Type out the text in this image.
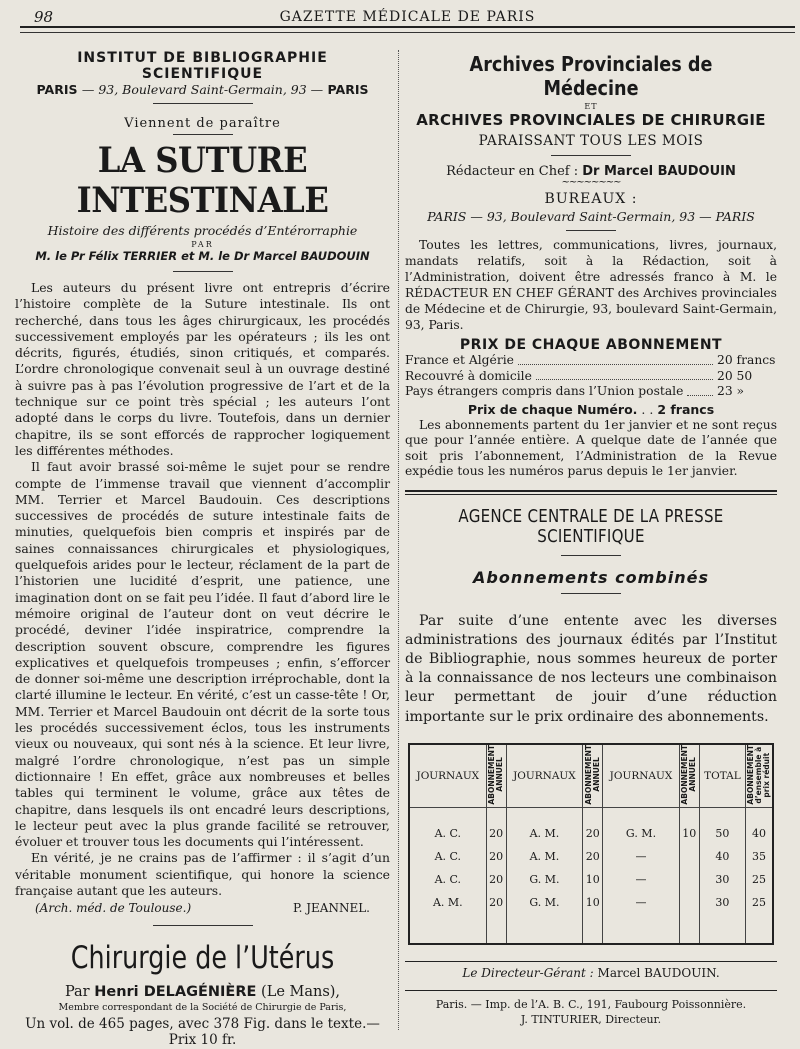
98	GAZETTE MÉDICALE DE PARIS
INSTITUT DE BIBLIOGRAPHIE SCIENTIFIQUE
PARIS — 93, Boulevard Saint-Germain, 93 — PARIS
Viennent de paraître
LA SUTURE INTESTINALE
Histoire des différents procédés d’Entérorraphie
PAR
M. le Pr Félix TERRIER et M. le Dr Marcel BAUDOUIN

Les auteurs du présent livre ont entrepris d’écrire l’histoire complète de la Suture intestinale. Ils ont recherché, dans tous les âges chirurgicaux, les procédés successivement employés par les opérateurs ; ils les ont décrits, figurés, étudiés, sinon critiqués, et comparés. L’ordre chronologique convenait seul à un ouvrage destiné à suivre pas à pas l’évolution progressive de l’art et de la technique sur ce point très spécial ; les auteurs l’ont adopté dans le corps du livre. Toutefois, dans un dernier chapitre, ils se sont efforcés de rapprocher logiquement les différentes méthodes.

Il faut avoir brassé soi-même le sujet pour se rendre compte de l’immense travail que viennent d’accomplir MM. Terrier et Marcel Baudouin. Ces descriptions successives de procédés de suture intestinale faits de minuties, quelquefois bien compris et inspirés par de saines connaissances chirurgicales et physiologiques, quelquefois arides pour le lecteur, réclament de la part de l’historien une lucidité d’esprit, une patience, une imagination dont on se fait peu l’idée. Il faut d’abord lire le mémoire original de l’auteur dont on veut décrire le procédé, deviner l’idée inspiratrice, comprendre la description souvent obscure, comprendre les figures explicatives et quelquefois trompeuses ; enfin, s’efforcer de donner soi-même une description irréprochable, dont la clarté illumine le lecteur. En vérité, c’est un casse-tête ! Or, MM. Terrier et Marcel Baudouin ont décrit de la sorte tous les procédés successivement éclos, tous les instruments vieux ou nouveaux, qui sont nés à la science. Et leur livre, malgré l’ordre chronologique, n’est pas un simple dictionnaire ! En effet, grâce aux nombreuses et belles tables qui terminent le volume, grâce aux têtes de chapitre, dans lesquels ils ont encadré leurs descriptions, le lecteur peut avec la plus grande facilité se retrouver, évoluer et trouver tous les documents qui l’intéressent.

En vérité, je ne crains pas de l’affirmer : il s’agit d’un véritable monument scientifique, qui honore la science française autant que les auteurs.

(Arch. méd. de Toulouse.)	P. JEANNEL.
Chirurgie de l’Utérus
Par Henri DELAGÉNIÈRE (Le Mans),
Membre correspondant de la Société de Chirurgie de Paris,
Un vol. de 465 pages, avec 378 Fig. dans le texte.— Prix 10 fr.
Archives Provinciales de Médecine
ET
ARCHIVES PROVINCIALES DE CHIRURGIE
PARAISSANT TOUS LES MOIS
Rédacteur en Chef : Dr Marcel BAUDOUIN
~~~~~~~~
BUREAUX :
PARIS — 93, Boulevard Saint-Germain, 93 — PARIS
Toutes les lettres, communications, livres, journaux, mandats relatifs, soit à la Rédaction, soit à l’Administration, doivent être adressés franco à M. le RÉDACTEUR EN CHEF GÉRANT des Archives provinciales de Médecine et de Chirurgie, 93, boulevard Saint-Germain, 93, Paris.
PRIX DE CHAQUE ABONNEMENT
France et Algérie	20 francs
Recouvré à domicile	20 50
Pays étrangers compris dans l’Union postale	23 »
Prix de chaque Numéro. . . 2 francs
Les abonnements partent du 1er janvier et ne sont reçus que pour l’année entière. A quelque date de l’année que soit pris l’abonnement, l’Administration de la Revue expédie tous les numéros parus depuis le 1er janvier.
AGENCE CENTRALE DE LA PRESSE SCIENTIFIQUE
Abonnements combinés
Par suite d’une entente avec les diverses administrations des journaux édités par l’Institut de Bibliographie, nous sommes heureux de porter à la connaissance de nos lecteurs une combinaison leur permettant de jouir d’une réduction importante sur le prix ordinaire des abonnements.
JOURNAUX	ABONNEMENT ANNUEL	JOURNAUX	ABONNEMENT ANNUEL	JOURNAUX	ABONNEMENT ANNUEL	TOTAL	ABONNEMENT d’ensemble à prix réduit

A. C.	20	A. M.	20	G. M.	10	50	40
A. C.	20	A. M.	20	—		40	35
A. C.	20	G. M.	10	—		30	25
A. M.	20	G. M.	10	—		30	25

Le Directeur-Gérant : Marcel BAUDOUIN.
Paris. — Imp. de l’A. B. C., 191, Faubourg Poissonnière.
J. TINTURIER, Directeur.
